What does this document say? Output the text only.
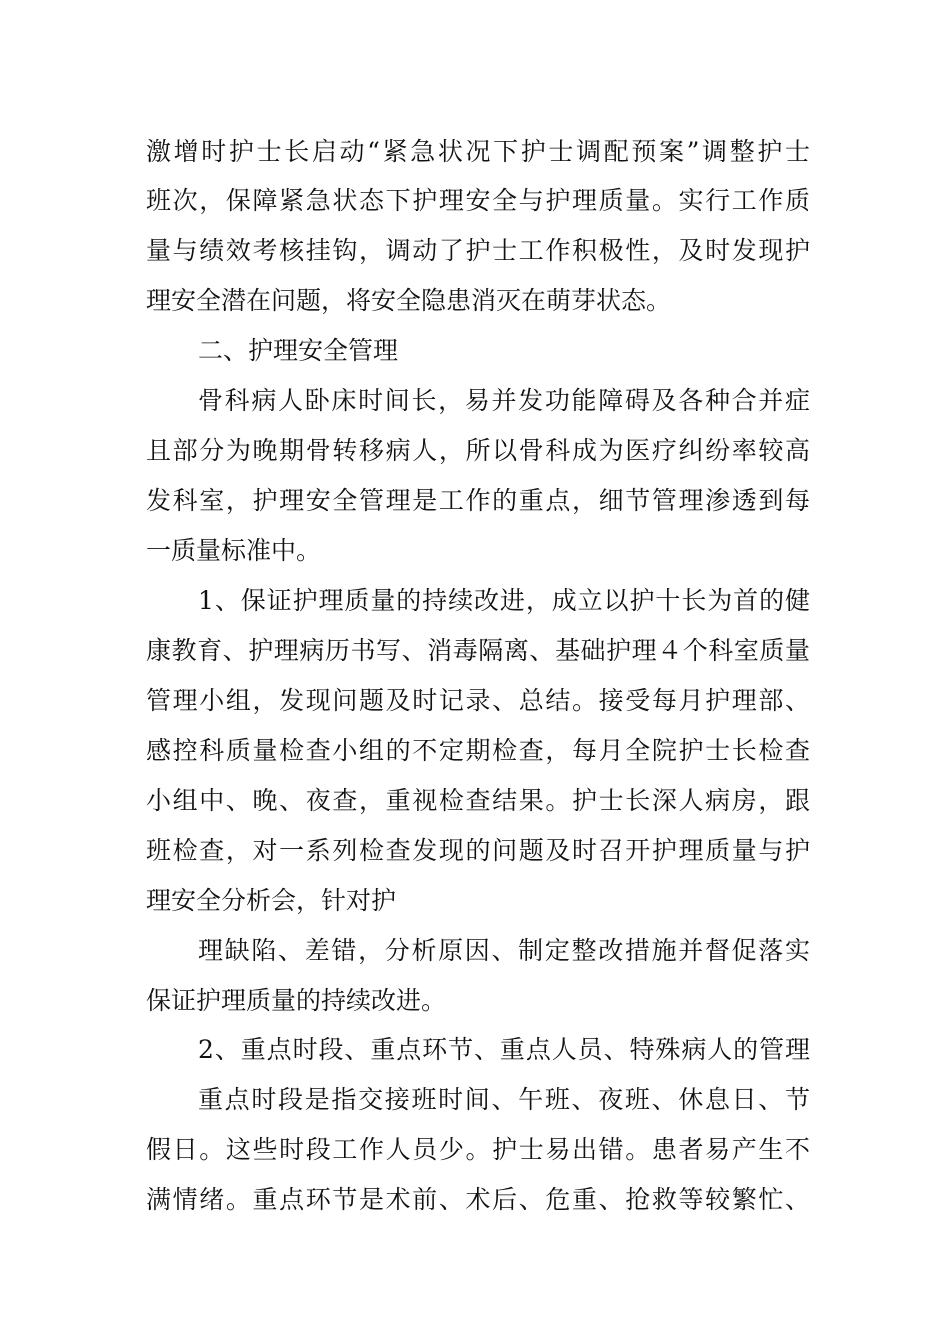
激增时护士长启动“紧急状况下护士调配预案”调整护士
班次，保障紧急状态下护理安全与护理质量。实行工作质
量与绩效考核挂钩，调动了护士工作积极性，及时发现护
理安全潜在问题，将安全隐患消灭在萌芽状态。
二、护理安全管理
骨科病人卧床时间长，易并发功能障碍及各种合并症
且部分为晚期骨转移病人，所以骨科成为医疗纠纷率较高
发科室，护理安全管理是工作的重点，细节管理渗透到每
一质量标准中。
1、保证护理质量的持续改进，成立以护十长为首的健
康教育、护理病历书写、消毒隔离、基础护理４个科室质量
管理小组，发现问题及时记录、总结。接受每月护理部、
感控科质量检查小组的不定期检查，每月全院护士长检查
小组中、晚、夜查，重视检查结果。护士长深人病房，跟
班检查，对一系列检查发现的问题及时召开护理质量与护
理安全分析会，针对护
理缺陷、差错，分析原因、制定整改措施并督促落实
保证护理质量的持续改进。
2、重点时段、重点环节、重点人员、特殊病人的管理
重点时段是指交接班时间、午班、夜班、休息日、节
假日。这些时段工作人员少。护士易出错。患者易产生不
满情绪。重点环节是术前、术后、危重、抢救等较繁忙、
